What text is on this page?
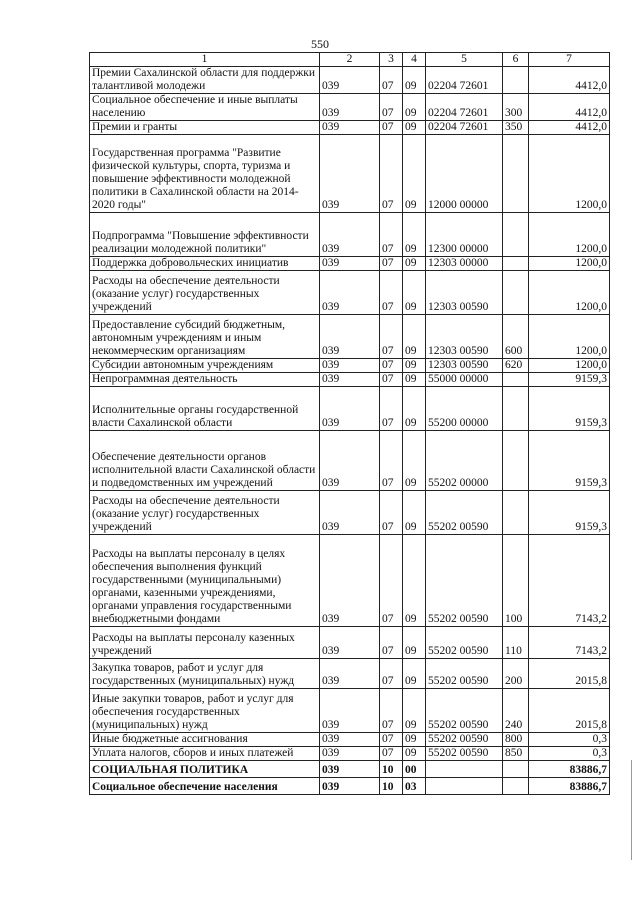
550
1	2	3	4	5	6	7
Премии Сахалинской области для поддержки талантливой молодежи	039	07	09	02204 72601		4412,0
Социальное обеспечение и иные выплаты населению	039	07	09	02204 72601	300	4412,0
Премии и гранты	039	07	09	02204 72601	350	4412,0
Государственная программа "Развитие физической культуры, спорта, туризма и повышение эффективности молодежной политики в Сахалинской области на 2014-2020 годы"	039	07	09	12000 00000		1200,0
Подпрограмма "Повышение эффективности реализации молодежной политики"	039	07	09	12300 00000		1200,0
Поддержка добровольческих инициатив	039	07	09	12303 00000		1200,0
Расходы на обеспечение деятельности (оказание услуг) государственных учреждений	039	07	09	12303 00590		1200,0
Предоставление субсидий бюджетным, автономным учреждениям и иным некоммерческим организациям	039	07	09	12303 00590	600	1200,0
Субсидии автономным учреждениям	039	07	09	12303 00590	620	1200,0
Непрограммная деятельность	039	07	09	55000 00000		9159,3
Исполнительные органы государственной власти Сахалинской области	039	07	09	55200 00000		9159,3
Обеспечение деятельности органов исполнительной власти Сахалинской области и подведомственных им учреждений	039	07	09	55202 00000		9159,3
Расходы на обеспечение деятельности (оказание услуг) государственных учреждений	039	07	09	55202 00590		9159,3
Расходы на выплаты персоналу в целях обеспечения выполнения функций государственными (муниципальными) органами, казенными учреждениями, органами управления государственными внебюджетными фондами	039	07	09	55202 00590	100	7143,2
Расходы на выплаты персоналу казенных учреждений	039	07	09	55202 00590	110	7143,2
Закупка товаров, работ и услуг для государственных (муниципальных) нужд	039	07	09	55202 00590	200	2015,8
Иные закупки товаров, работ и услуг для обеспечения государственных (муниципальных) нужд	039	07	09	55202 00590	240	2015,8
Иные бюджетные ассигнования	039	07	09	55202 00590	800	0,3
Уплата налогов, сборов и иных платежей	039	07	09	55202 00590	850	0,3
СОЦИАЛЬНАЯ ПОЛИТИКА	039	10	00			83886,7
Социальное обеспечение населения	039	10	03			83886,7
